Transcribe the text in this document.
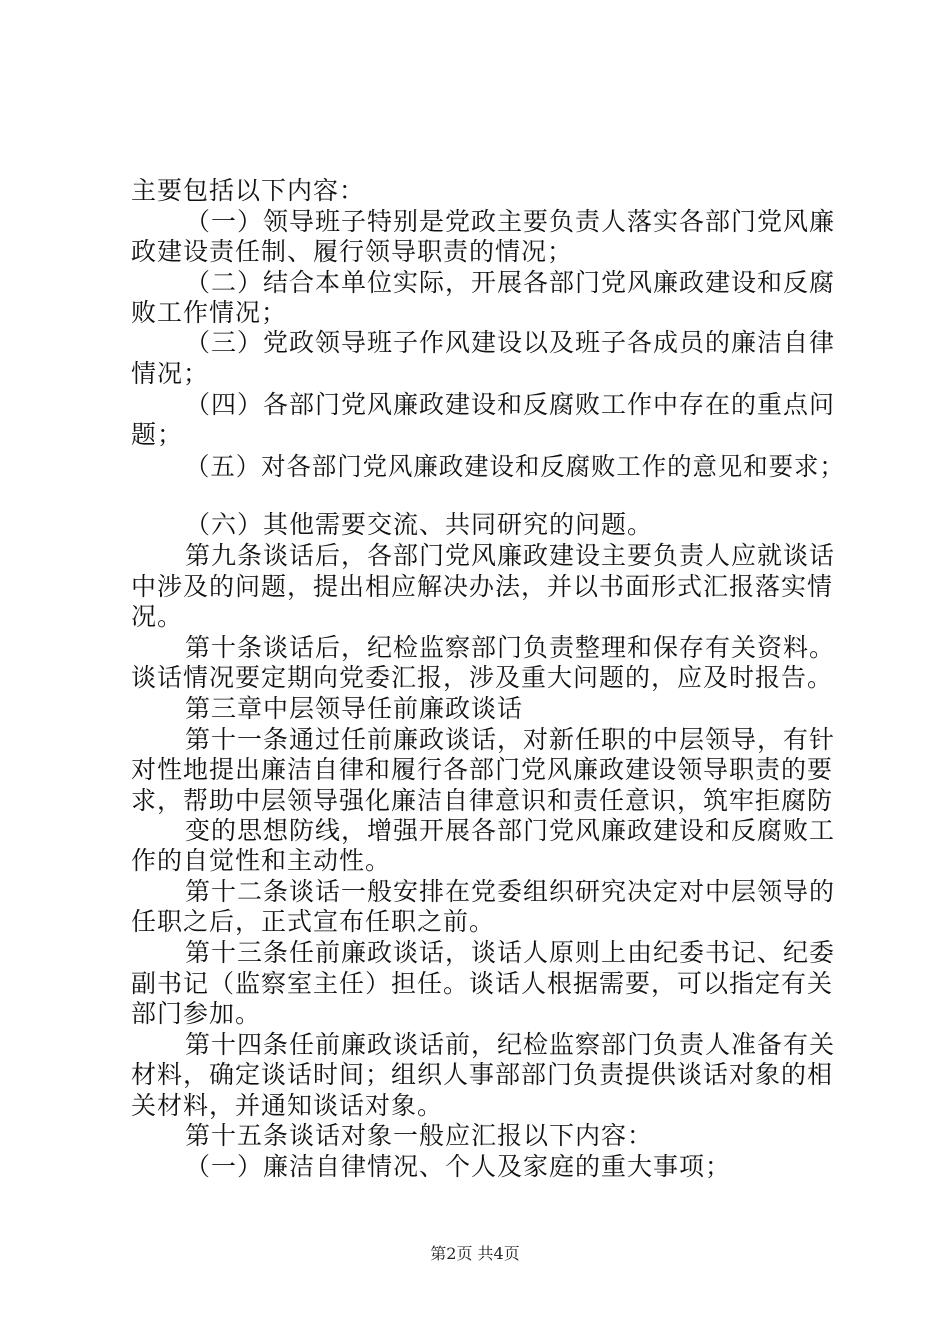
主要包括以下内容：
（一）领导班子特别是党政主要负责人落实各部门党风廉
政建设责任制、履行领导职责的情况；
（二）结合本单位实际，开展各部门党风廉政建设和反腐
败工作情况；
（三）党政领导班子作风建设以及班子各成员的廉洁自律
情况；
（四）各部门党风廉政建设和反腐败工作中存在的重点问
题；
（五）对各部门党风廉政建设和反腐败工作的意见和要求；
（六）其他需要交流、共同研究的问题。
第九条谈话后，各部门党风廉政建设主要负责人应就谈话
中涉及的问题，提出相应解决办法，并以书面形式汇报落实情
况。
第十条谈话后，纪检监察部门负责整理和保存有关资料。
谈话情况要定期向党委汇报，涉及重大问题的，应及时报告。
第三章中层领导任前廉政谈话
第十一条通过任前廉政谈话，对新任职的中层领导，有针
对性地提出廉洁自律和履行各部门党风廉政建设领导职责的要
求，帮助中层领导强化廉洁自律意识和责任意识，筑牢拒腐防
变的思想防线，增强开展各部门党风廉政建设和反腐败工
作的自觉性和主动性。
第十二条谈话一般安排在党委组织研究决定对中层领导的
任职之后，正式宣布任职之前。
第十三条任前廉政谈话，谈话人原则上由纪委书记、纪委
副书记（监察室主任）担任。谈话人根据需要，可以指定有关
部门参加。
第十四条任前廉政谈话前，纪检监察部门负责人准备有关
材料，确定谈话时间；组织人事部部门负责提供谈话对象的相
关材料，并通知谈话对象。
第十五条谈话对象一般应汇报以下内容：
（一）廉洁自律情况、个人及家庭的重大事项；
第2页 共4页
